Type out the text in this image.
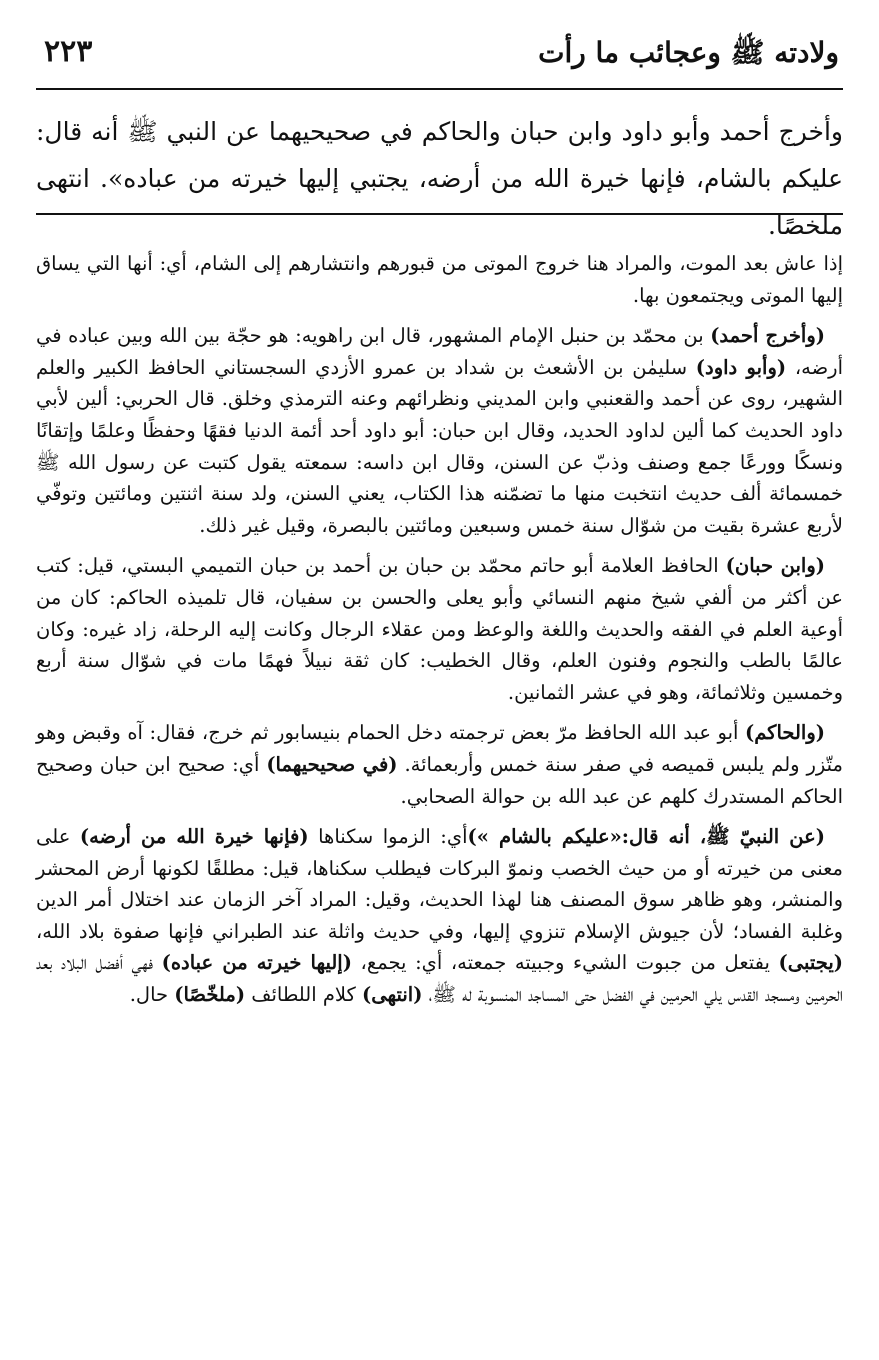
ولادته ﷺ وعجائب ما رأت
٢٢٣

وأخرج أحمد وأبو داود وابن حبان والحاكم في صحيحيهما عن النبي ﷺ أنه قال: عليكم بالشام، فإنها خيرة الله من أرضه، يجتبي إليها خيرته من عباده». انتهى ملخصًا.

إذا عاش بعد الموت، والمراد هنا خروج الموتى من قبورهم وانتشارهم إلى الشام، أي: أنها التي يساق إليها الموتى ويجتمعون بها.

(وأخرج أحمد) بن محمّد بن حنبل الإمام المشهور، قال ابن راهويه: هو حجّة بين الله وبين عباده في أرضه، (وأبو داود) سليمٰن بن الأشعث بن شداد بن عمرو الأزدي السجستاني الحافظ الكبير والعلم الشهير، روى عن أحمد والقعنبي وابن المديني ونظرائهم وعنه الترمذي وخلق. قال الحربي: ألين لأبي داود الحديث كما ألين لداود الحديد، وقال ابن حبان: أبو داود أحد أئمة الدنيا فقهًا وحفظًا وعلمًا وإتقانًا ونسكًا وورعًا جمع وصنف وذبّ عن السنن، وقال ابن داسه: سمعته يقول كتبت عن رسول الله ﷺ خمسمائة ألف حديث انتخبت منها ما تضمّنه هذا الكتاب، يعني السنن، ولد سنة اثنتين ومائتين وتوفّي لأربع عشرة بقيت من شوّال سنة خمس وسبعين ومائتين بالبصرة، وقيل غير ذلك.

(وابن حبان) الحافظ العلامة أبو حاتم محمّد بن حبان بن أحمد بن حبان التميمي البستي، قيل: كتب عن أكثر من ألفي شيخ منهم النسائي وأبو يعلى والحسن بن سفيان، قال تلميذه الحاكم: كان من أوعية العلم في الفقه والحديث واللغة والوعظ ومن عقلاء الرجال وكانت إليه الرحلة، زاد غيره: وكان عالمًا بالطب والنجوم وفنون العلم، وقال الخطيب: كان ثقة نبيلاً فهمًا مات في شوّال سنة أربع وخمسين وثلاثمائة، وهو في عشر الثمانين.

(والحاكم) أبو عبد الله الحافظ مرّ بعض ترجمته دخل الحمام بنيسابور ثم خرج، فقال: آه وقبض وهو متّزر ولم يلبس قميصه في صفر سنة خمس وأربعمائة. (في صحيحيهما) أي: صحيح ابن حبان وصحيح الحاكم المستدرك كلهم عن عبد الله بن حوالة الصحابي.

(عن النبيّ ﷺ، أنه قال:«عليكم بالشام »)أي: الزموا سكناها (فإنها خيرة الله من أرضه) على معنى من خيرته أو من حيث الخصب ونموّ البركات فيطلب سكناها، قيل: مطلقًا لكونها أرض المحشر والمنشر، وهو ظاهر سوق المصنف هنا لهذا الحديث، وقيل: المراد آخر الزمان عند اختلال أمر الدين وغلبة الفساد؛ لأن جيوش الإسلام تنزوي إليها، وفي حديث واثلة عند الطبراني فإنها صفوة بلاد الله، (يجتبى) يفتعل من جبوت الشيء وجبيته جمعته، أي: يجمع، (إليها خيرته من عباده) فهي أفضل البلاد بعد الحرمين ومسجد القدس يلي الحرمين في الفضل حتى المساجد المنسوبة له ﷺ، (انتهى) كلام اللطائف (ملخّصًا) حال.
